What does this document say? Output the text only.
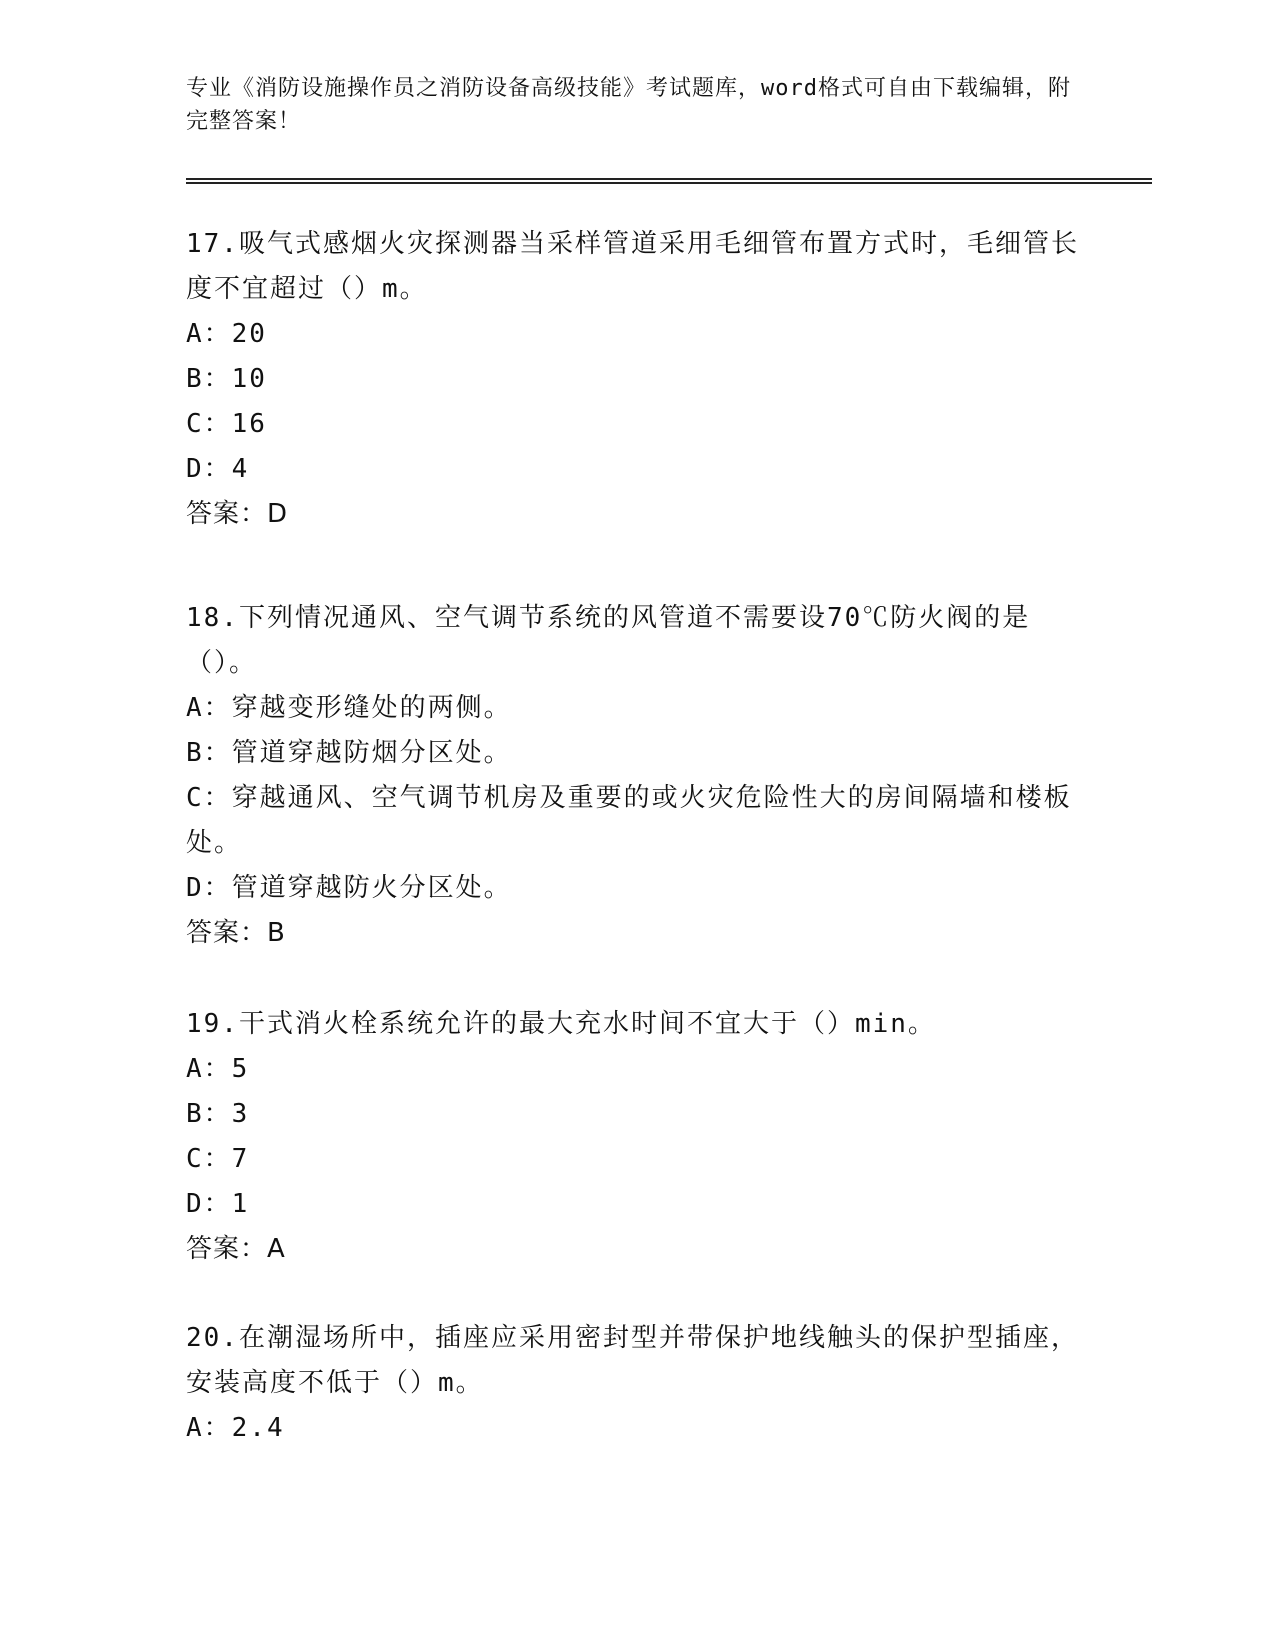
专业《消防设施操作员之消防设备高级技能》考试题库，word格式可自由下载编辑，附完整答案！

17.吸气式感烟火灾探测器当采样管道采用毛细管布置方式时，毛细管长度不宜超过（）m。

A：20

B：10

C：16

D：4

答案：D

18.下列情况通风、空气调节系统的风管道不需要设70℃防火阀的是（）。

A：穿越变形缝处的两侧。

B：管道穿越防烟分区处。

C：穿越通风、空气调节机房及重要的或火灾危险性大的房间隔墙和楼板处。

D：管道穿越防火分区处。

答案：B

19.干式消火栓系统允许的最大充水时间不宜大于（）min。

A：5

B：3

C：7

D：1

答案：A

20.在潮湿场所中，插座应采用密封型并带保护地线触头的保护型插座，安装高度不低于（）m。

A：2.4
